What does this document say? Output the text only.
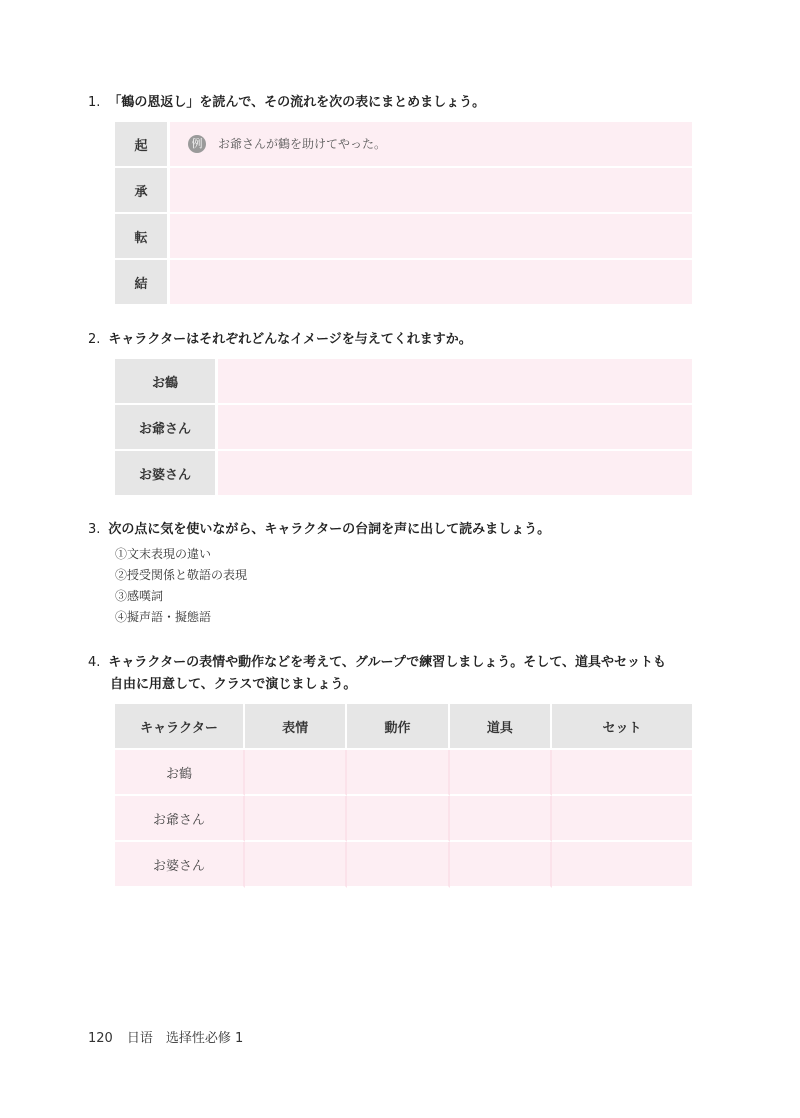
1. 「鶴の恩返し」を読んで、その流れを次の表にまとめましょう。
起	例 お爺さんが鶴を助けてやった。
承	
転	
結	
2. キャラクターはそれぞれどんなイメージを与えてくれますか。
お鶴	
お爺さん	
お婆さん	
3. 次の点に気を使いながら、キャラクターの台詞を声に出して読みましょう。
①文末表現の違い
②授受関係と敬語の表現
③感嘆詞
④擬声語・擬態語
4. キャラクターの表情や動作などを考えて、グループで練習しましょう。そして、道具やセットも
自由に用意して、クラスで演じましょう。
キャラクター	表情	動作	道具	セット
お鶴				
お爺さん				
お婆さん				
120 日语　选择性必修 1
